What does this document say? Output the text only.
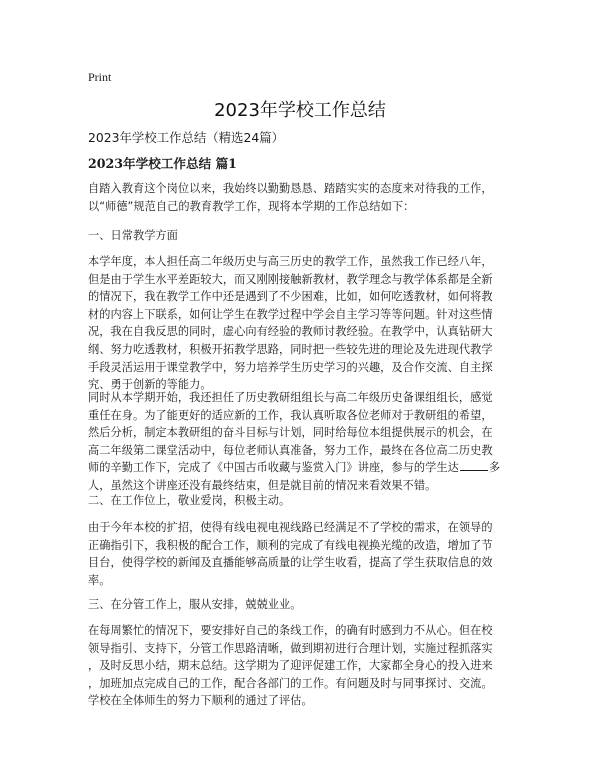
Print
2023年学校工作总结
2023年学校工作总结（精选24篇）
2023年学校工作总结 篇1
自踏入教育这个岗位以来，我始终以勤勤恳恳、踏踏实实的态度来对待我的工作，
以“师德”规范自己的教育教学工作，现将本学期的工作总结如下：
一、日常教学方面
本学年度，本人担任高二年级历史与高三历史的教学工作，虽然我工作已经八年，
但是由于学生水平差距较大，而又刚刚接触新教材，教学理念与教学体系都是全新
的情况下，我在教学工作中还是遇到了不少困难，比如，如何吃透教材，如何将教
材的内容上下联系，如何让学生在教学过程中学会自主学习等等问题。针对这些情
况，我在自我反思的同时，虚心向有经验的教师讨教经验。在教学中，认真钻研大
纲、努力吃透教材，积极开拓教学思路，同时把一些较先进的理论及先进现代教学
手段灵活运用于课堂教学中，努力培养学生历史学习的兴趣，及合作交流、自主探
究、勇于创新的等能力。
同时从本学期开始，我还担任了历史教研组组长与高二年级历史备课组组长，感觉
重任在身。为了能更好的适应新的工作，我认真听取各位老师对于教研组的希望，
然后分析，制定本教研组的奋斗目标与计划，同时给每位本组提供展示的机会，在
高二年级第二课堂活动中，每位老师认真准备，努力工作，最终在各位高二历史教
师的辛勤工作下，完成了《中国古币收藏与鉴赏入门》讲座，参与的学生达	多
人，虽然这个讲座还没有最终结束，但是就目前的情况来看效果不错。
二、在工作位上，敬业爱岗，积极主动。
由于今年本校的扩招，使得有线电视电视线路已经满足不了学校的需求，在领导的
正确指引下，我积极的配合工作，顺利的完成了有线电视换光缆的改造，增加了节
目台，使得学校的新闻及直播能够高质量的让学生收看，提高了学生获取信息的效
率。
三、在分管工作上，服从安排，兢兢业业。
在每周繁忙的情况下，要安排好自己的条线工作，的确有时感到力不从心。但在校
领导指引、支持下，分管工作思路清晰，做到期初进行合理计划，实施过程抓落实
，及时反思小结，期末总结。这学期为了迎评促建工作，大家都全身心的投入进来
，加班加点完成自己的工作，配合各部门的工作。有问题及时与同事探讨、交流。
学校在全体师生的努力下顺利的通过了评估。
